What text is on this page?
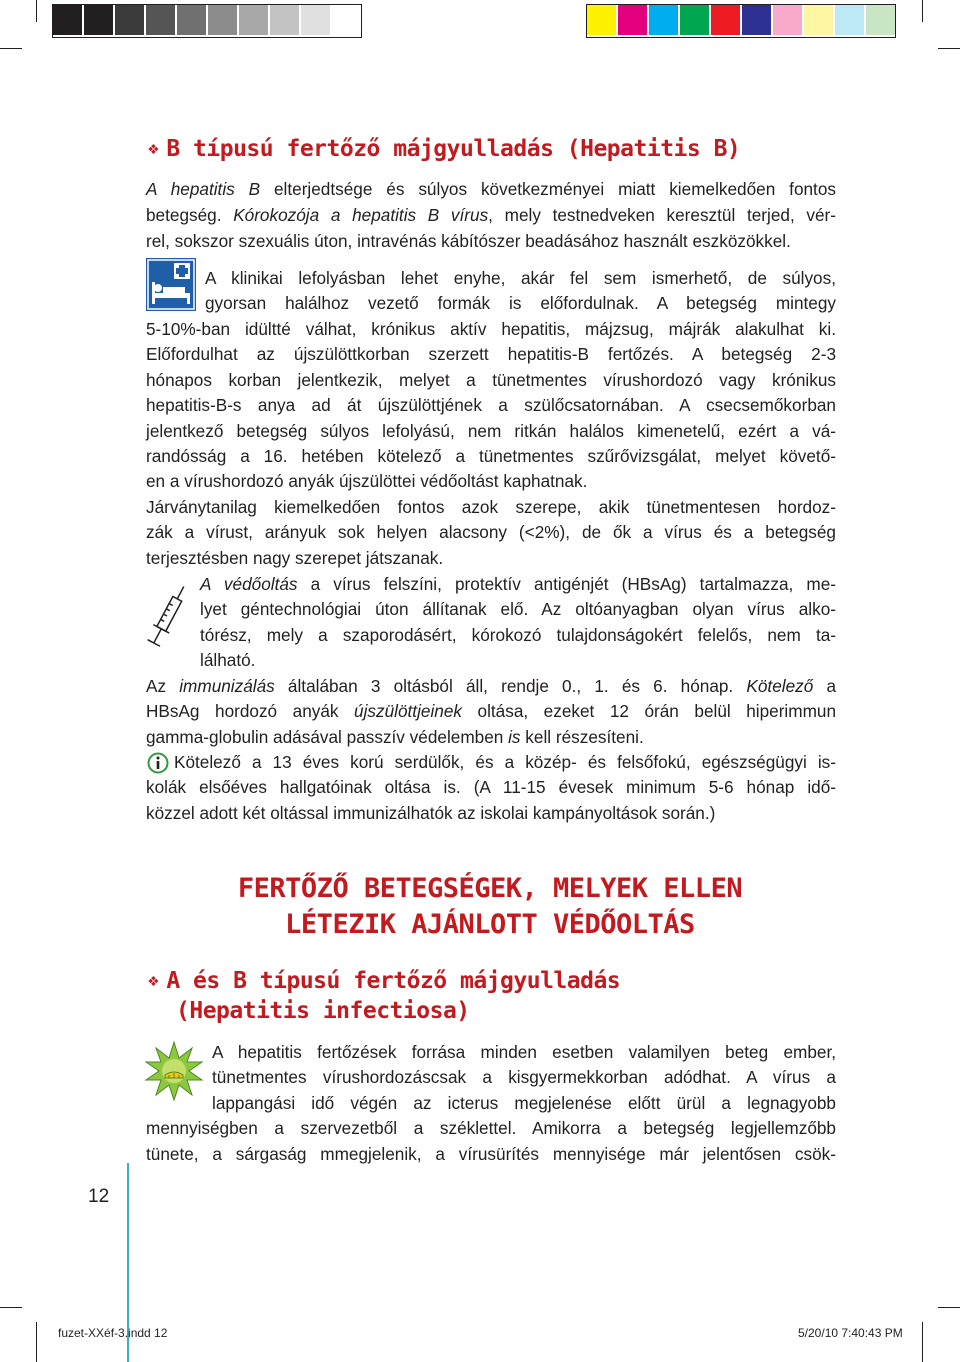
❖ B típusú fertőző májgyulladás (Hepatitis B)
A hepatitis B elterjedtsége és súlyos következményei miatt kiemelkedően fontos
betegség. Kórokozója a hepatitis B vírus, mely testnedveken keresztül terjed, vér-
rel, sokszor szexuális úton, intravénás kábítószer beadásához használt eszközökkel.
A klinikai lefolyásban lehet enyhe, akár fel sem ismerhető, de súlyos,
gyorsan halálhoz vezető formák is előfordulnak. A betegség mintegy
5-10%-ban idültté válhat, krónikus aktív hepatitis, májzsug, májrák alakulhat ki.
Előfordulhat az újszülöttkorban szerzett hepatitis-B fertőzés. A betegség 2-3
hónapos korban jelentkezik, melyet a tünetmentes vírushordozó vagy krónikus
hepatitis-B-s anya ad át újszülöttjének a szülőcsatornában. A csecsemőkorban
jelentkező betegség súlyos lefolyású, nem ritkán halálos kimenetelű, ezért a vá-
randósság a 16. hetében kötelező a tünetmentes szűrővizsgálat, melyet követő-
en a vírushordozó anyák újszülöttei védőoltást kaphatnak.
Járványtanilag kiemelkedően fontos azok szerepe, akik tünetmentesen hordoz-
zák a vírust, arányuk sok helyen alacsony (<2%), de ők a vírus és a betegség
terjesztésben nagy szerepet játszanak.
A védőoltás a vírus felszíni, protektív antigénjét (HBsAg) tartalmazza, me-
lyet géntechnológiai úton állítanak elő. Az oltóanyagban olyan vírus alko-
tórész, mely a szaporodásért, kórokozó tulajdonságokért felelős, nem ta-
lálható.
Az immunizálás általában 3 oltásból áll, rendje 0., 1. és 6. hónap. Kötelező a
HBsAg hordozó anyák újszülöttjeinek oltása, ezeket 12 órán belül hiperimmun
gamma-globulin adásával passzív védelemben is kell részesíteni.
Kötelező a 13 éves korú serdülők, és a közép- és felsőfokú, egészségügyi is-
kolák elsőéves hallgatóinak oltása is. (A 11-15 évesek minimum 5-6 hónap idő-
közzel adott két oltással immunizálhatók az iskolai kampányoltások során.)
FERTŐZŐ BETEGSÉGEK, MELYEK ELLEN
LÉTEZIK AJÁNLOTT VÉDŐOLTÁS
❖ A és B típusú fertőző májgyulladás
(Hepatitis infectiosa)
A hepatitis fertőzések forrása minden esetben valamilyen beteg ember,
tünetmentes vírushordozáscsak a kisgyermekkorban adódhat. A vírus a
lappangási idő végén az icterus megjelenése előtt ürül a legnagyobb
mennyiségben a szervezetből a széklettel. Amikorra a betegség legjellemzőbb
tünete, a sárgaság mmegjelenik, a vírusürítés mennyisége már jelentősen csök-
12
fuzet-XXéf-3.indd 12	5/20/10 7:40:43 PM
